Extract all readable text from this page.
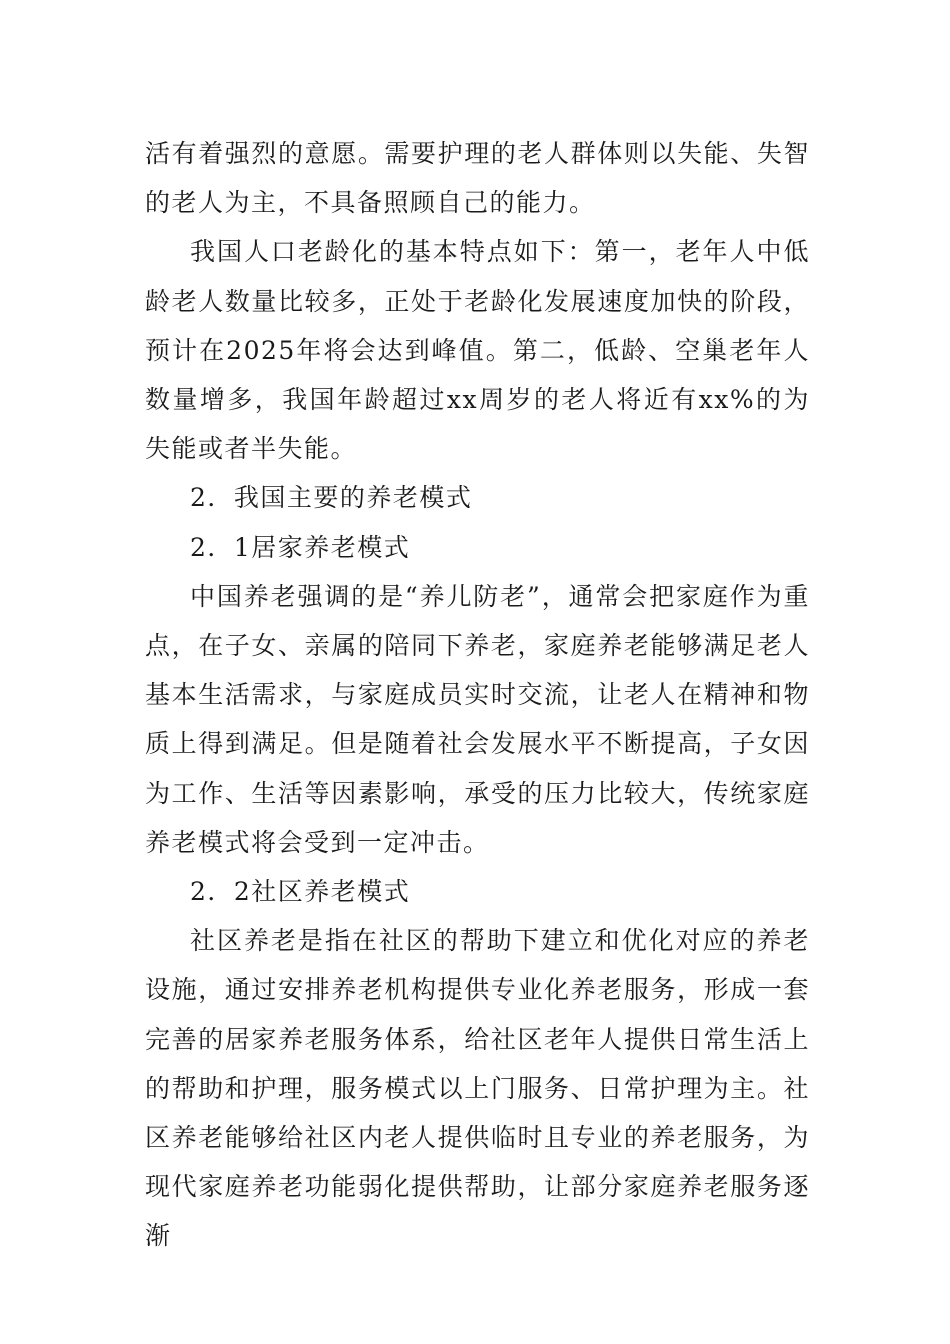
活有着强烈的意愿。需要护理的老人群体则以失能、失智的老人为主，不具备照顾自己的能力。

我国人口老龄化的基本特点如下：第一，老年人中低龄老人数量比较多，正处于老龄化发展速度加快的阶段，预计在2025年将会达到峰值。第二，低龄、空巢老年人数量增多，我国年龄超过xx周岁的老人将近有xx%的为失能或者半失能。

2．我国主要的养老模式

2．1居家养老模式

中国养老强调的是“养儿防老”，通常会把家庭作为重点，在子女、亲属的陪同下养老，家庭养老能够满足老人基本生活需求，与家庭成员实时交流，让老人在精神和物质上得到满足。但是随着社会发展水平不断提高，子女因为工作、生活等因素影响，承受的压力比较大，传统家庭养老模式将会受到一定冲击。

2．2社区养老模式

社区养老是指在社区的帮助下建立和优化对应的养老设施，通过安排养老机构提供专业化养老服务，形成一套完善的居家养老服务体系，给社区老年人提供日常生活上的帮助和护理，服务模式以上门服务、日常护理为主。社区养老能够给社区内老人提供临时且专业的养老服务，为现代家庭养老功能弱化提供帮助，让部分家庭养老服务逐渐
